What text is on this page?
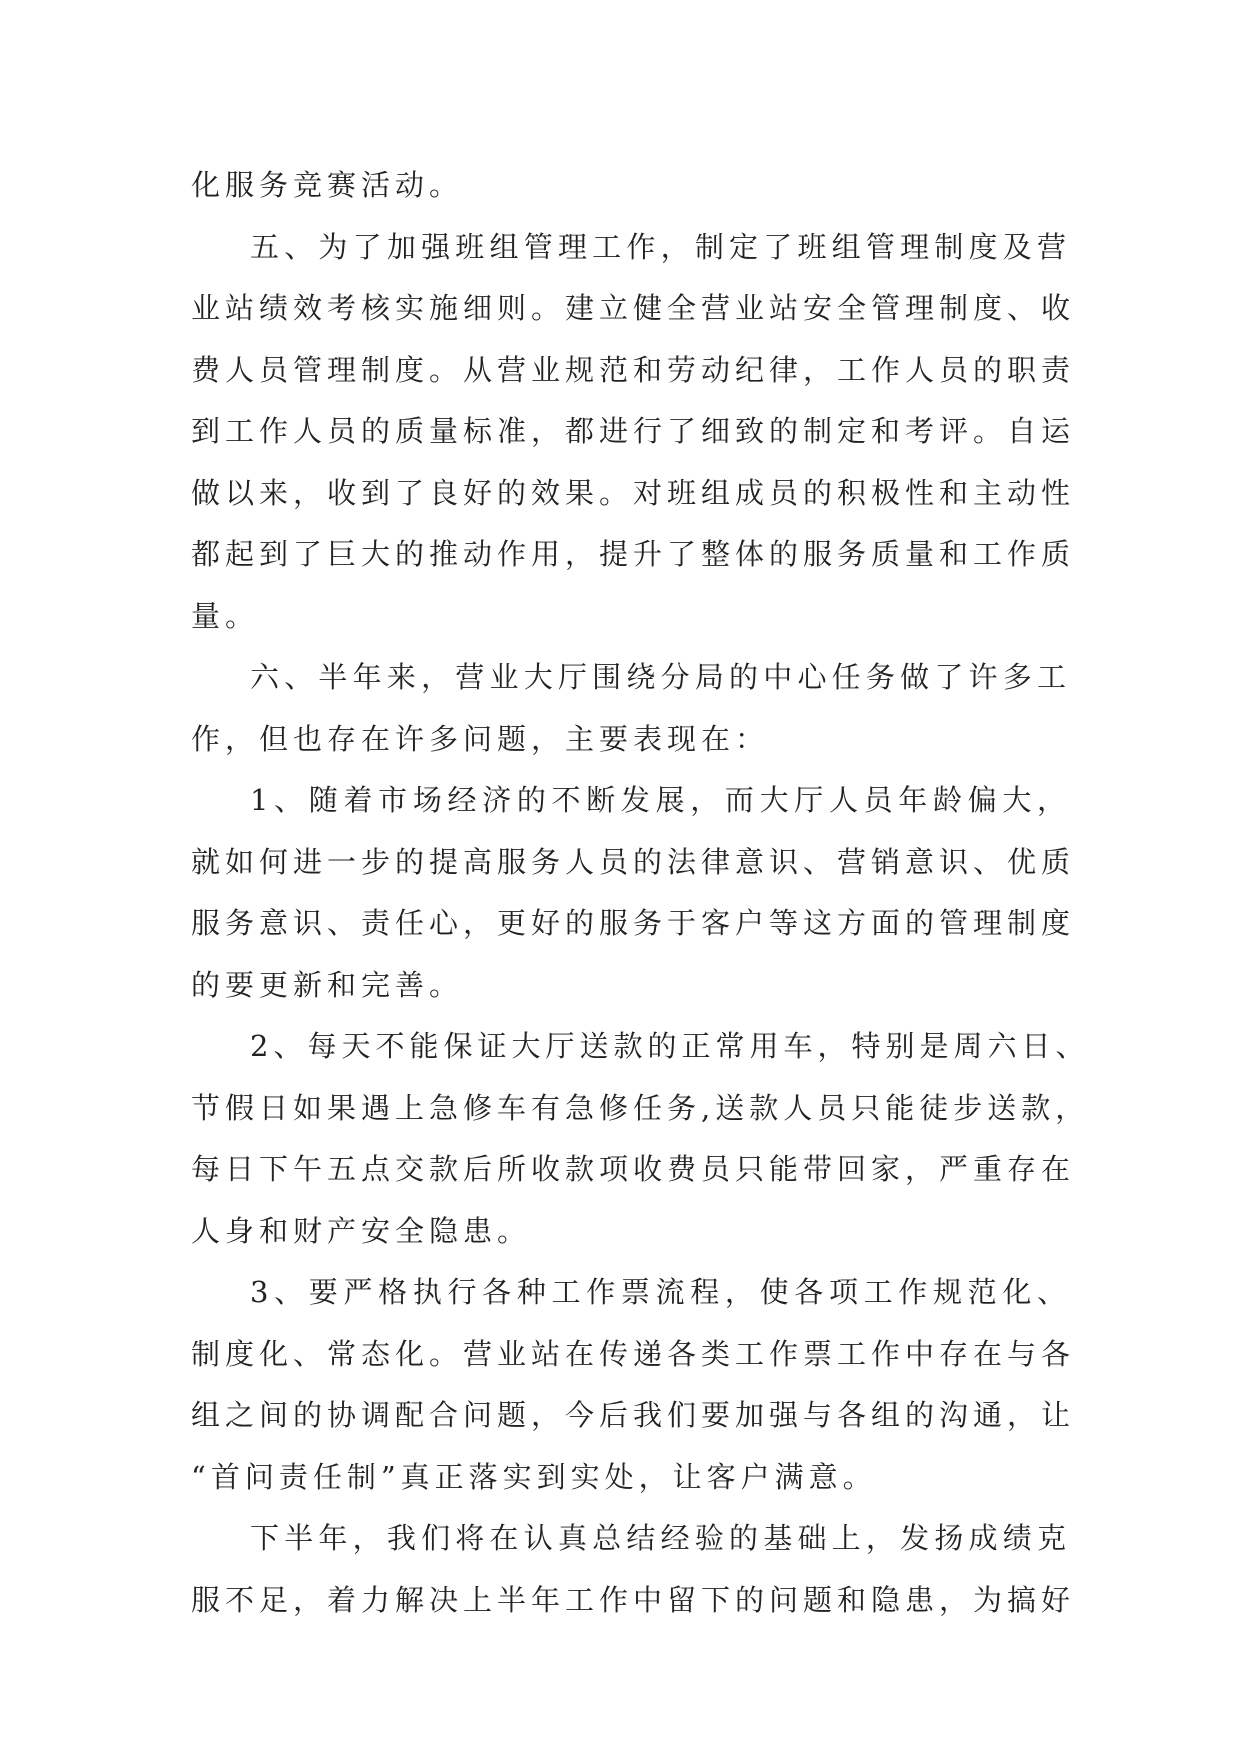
化服务竞赛活动。
五、为了加强班组管理工作，制定了班组管理制度及营
业站绩效考核实施细则。建立健全营业站安全管理制度、收
费人员管理制度。从营业规范和劳动纪律，工作人员的职责
到工作人员的质量标准，都进行了细致的制定和考评。自运
做以来，收到了良好的效果。对班组成员的积极性和主动性
都起到了巨大的推动作用，提升了整体的服务质量和工作质
量。
六、半年来，营业大厅围绕分局的中心任务做了许多工
作，但也存在许多问题，主要表现在：
1、随着市场经济的不断发展，而大厅人员年龄偏大，
就如何进一步的提高服务人员的法律意识、营销意识、优质
服务意识、责任心，更好的服务于客户等这方面的管理制度
的要更新和完善。
2、每天不能保证大厅送款的正常用车，特别是周六日、
节假日如果遇上急修车有急修任务,送款人员只能徒步送款，
每日下午五点交款后所收款项收费员只能带回家，严重存在
人身和财产安全隐患。
3、要严格执行各种工作票流程，使各项工作规范化、
制度化、常态化。营业站在传递各类工作票工作中存在与各
组之间的协调配合问题，今后我们要加强与各组的沟通，让
“首问责任制”真正落实到实处，让客户满意。
下半年，我们将在认真总结经验的基础上，发扬成绩克
服不足，着力解决上半年工作中留下的问题和隐患，为搞好
